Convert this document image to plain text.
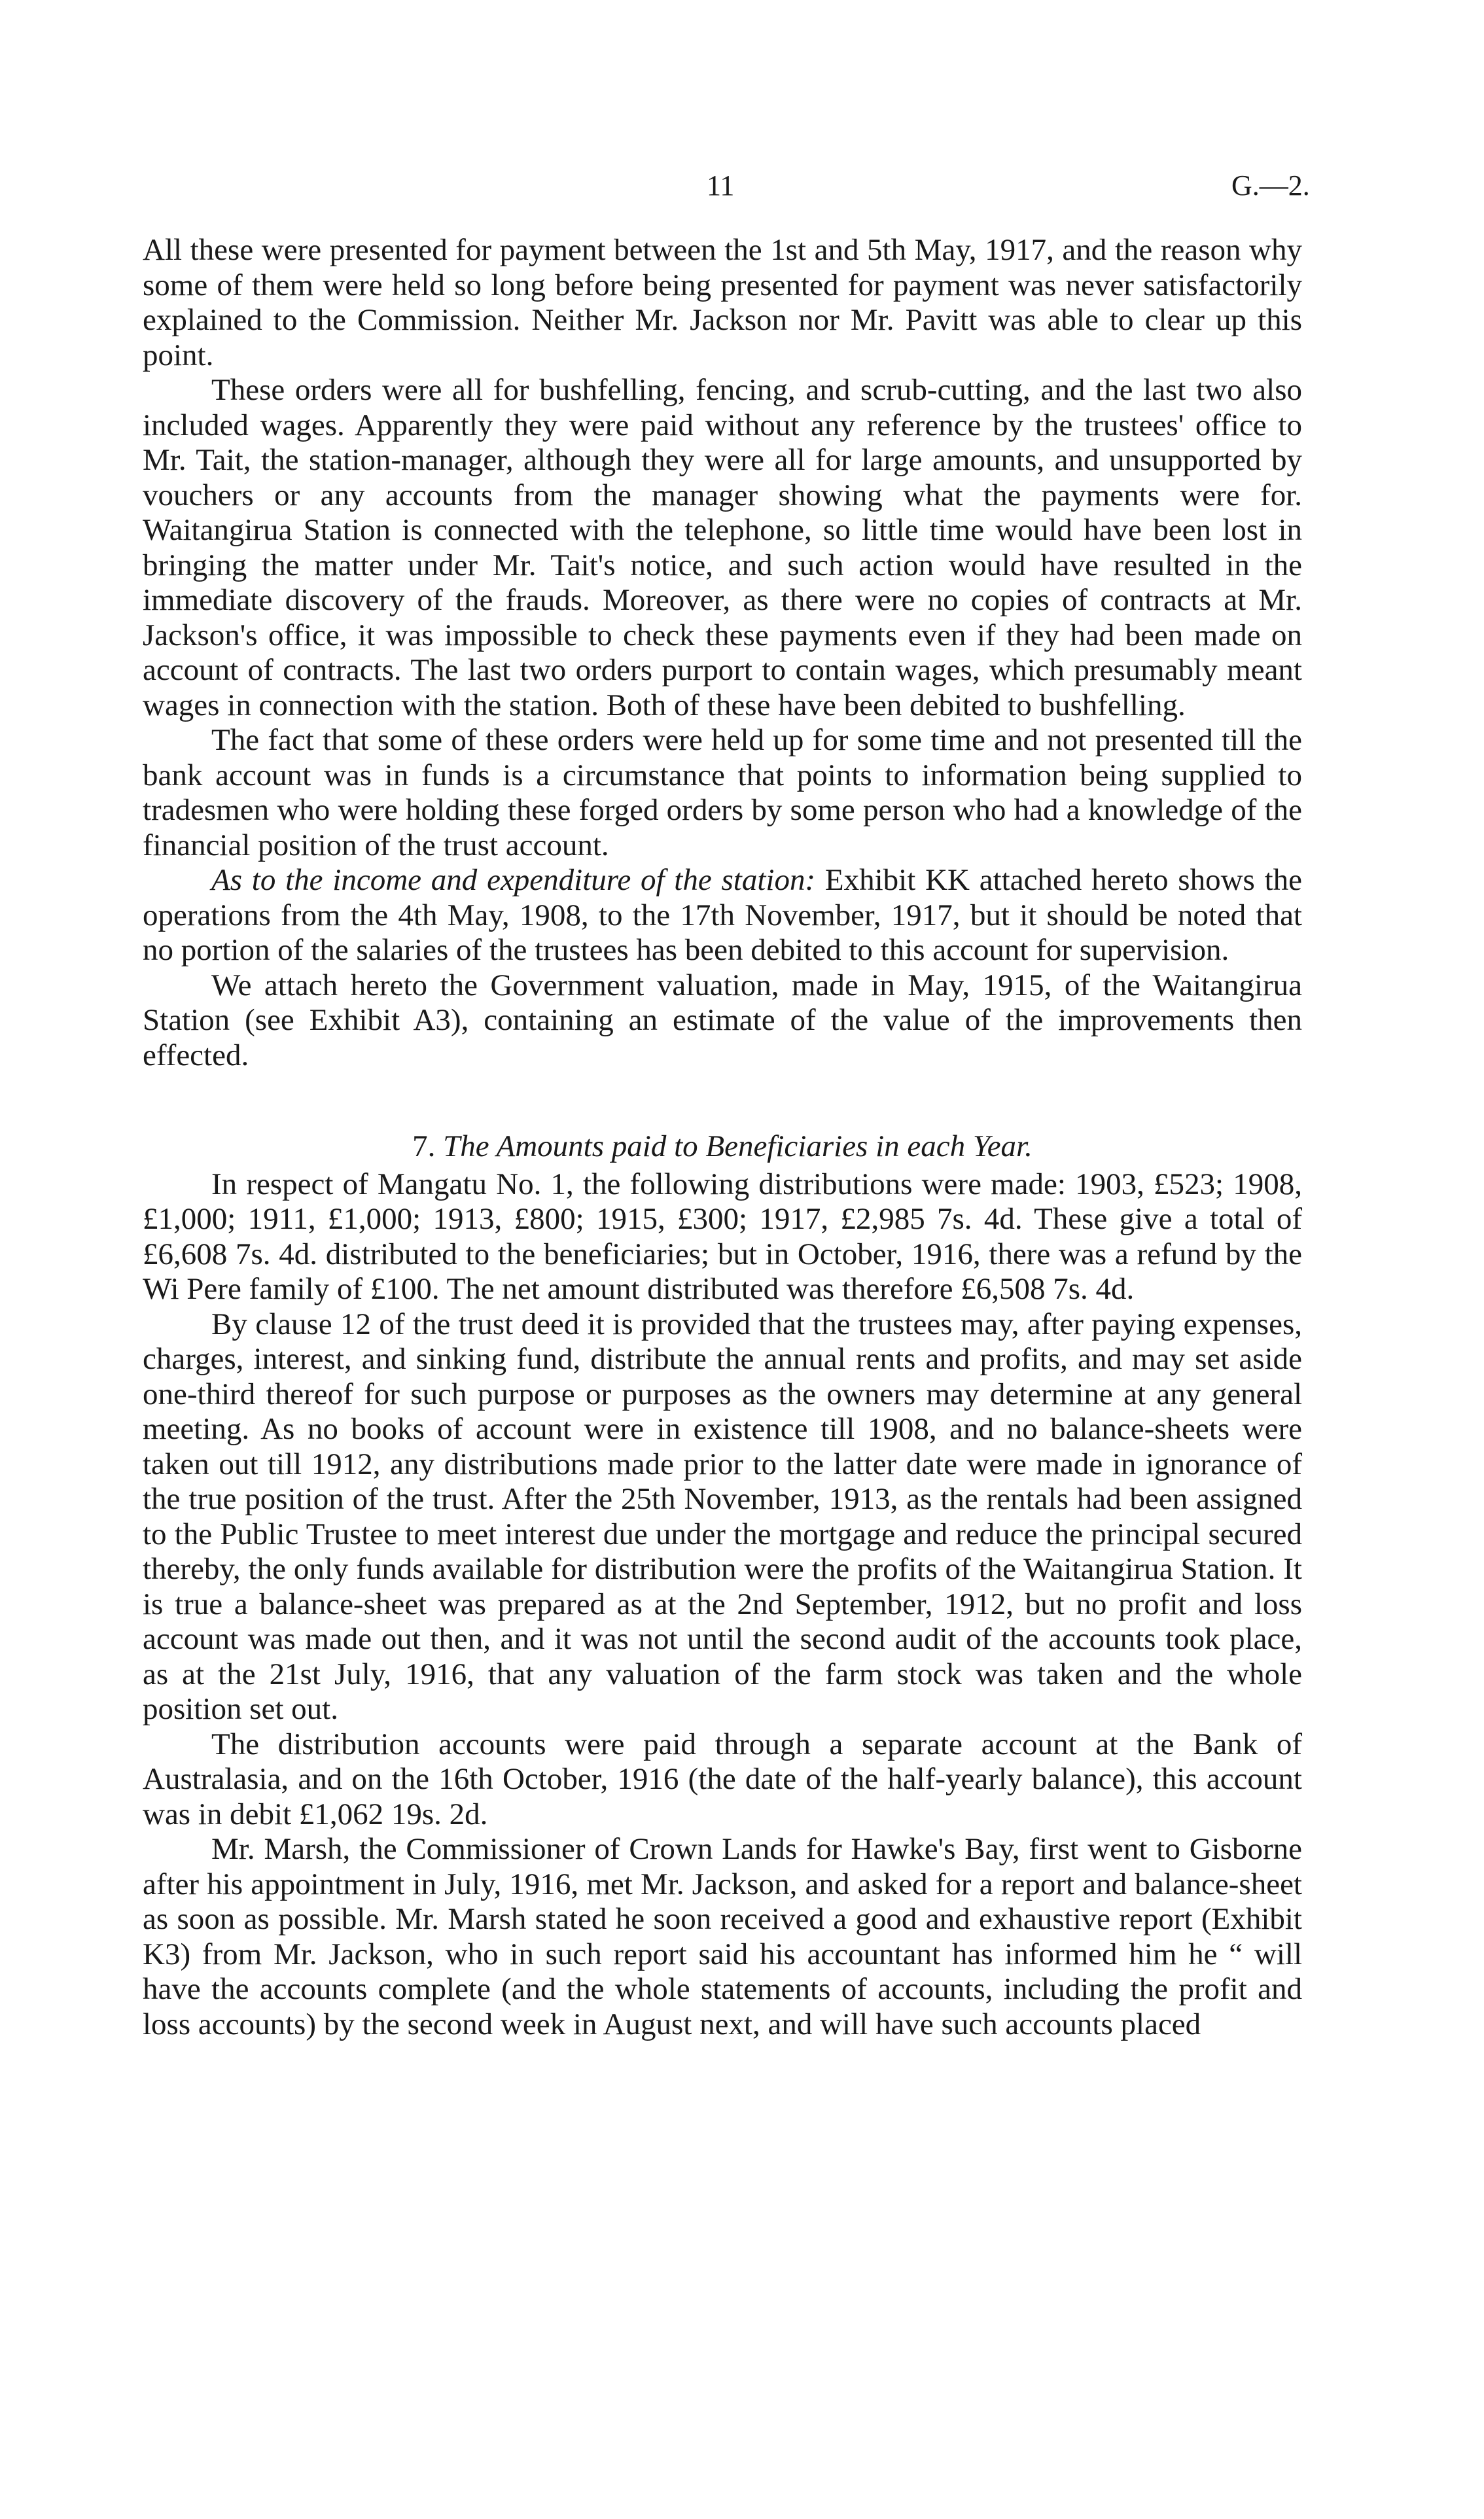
11	G.—2.

All these were presented for payment between the 1st and 5th May, 1917, and the reason why some of them were held so long before being presented for payment was never satisfactorily explained to the Commission. Neither Mr. Jackson nor Mr. Pavitt was able to clear up this point.

These orders were all for bushfelling, fencing, and scrub-cutting, and the last two also included wages. Apparently they were paid without any reference by the trustees' office to Mr. Tait, the station-manager, although they were all for large amounts, and unsupported by vouchers or any accounts from the manager showing what the payments were for. Waitangirua Station is connected with the telephone, so little time would have been lost in bringing the matter under Mr. Tait's notice, and such action would have resulted in the immediate discovery of the frauds. Moreover, as there were no copies of contracts at Mr. Jackson's office, it was impossible to check these payments even if they had been made on account of contracts. The last two orders purport to contain wages, which presumably meant wages in connection with the station. Both of these have been debited to bushfelling.

The fact that some of these orders were held up for some time and not presented till the bank account was in funds is a circumstance that points to information being supplied to tradesmen who were holding these forged orders by some person who had a knowledge of the financial position of the trust account.

As to the income and expenditure of the station: Exhibit KK attached hereto shows the operations from the 4th May, 1908, to the 17th November, 1917, but it should be noted that no portion of the salaries of the trustees has been debited to this account for supervision.

We attach hereto the Government valuation, made in May, 1915, of the Waitangirua Station (see Exhibit A3), containing an estimate of the value of the improvements then effected.

7. The Amounts paid to Beneficiaries in each Year.

In respect of Mangatu No. 1, the following distributions were made: 1903, £523; 1908, £1,000; 1911, £1,000; 1913, £800; 1915, £300; 1917, £2,985 7s. 4d. These give a total of £6,608 7s. 4d. distributed to the beneficiaries; but in October, 1916, there was a refund by the Wi Pere family of £100. The net amount distributed was therefore £6,508 7s. 4d.

By clause 12 of the trust deed it is provided that the trustees may, after paying expenses, charges, interest, and sinking fund, distribute the annual rents and profits, and may set aside one-third thereof for such purpose or purposes as the owners may determine at any general meeting. As no books of account were in existence till 1908, and no balance-sheets were taken out till 1912, any distributions made prior to the latter date were made in ignorance of the true position of the trust. After the 25th November, 1913, as the rentals had been assigned to the Public Trustee to meet interest due under the mortgage and reduce the principal secured thereby, the only funds available for distribution were the profits of the Waitangirua Station. It is true a balance-sheet was prepared as at the 2nd September, 1912, but no profit and loss account was made out then, and it was not until the second audit of the accounts took place, as at the 21st July, 1916, that any valuation of the farm stock was taken and the whole position set out.

The distribution accounts were paid through a separate account at the Bank of Australasia, and on the 16th October, 1916 (the date of the half-yearly balance), this account was in debit £1,062 19s. 2d.

Mr. Marsh, the Commissioner of Crown Lands for Hawke's Bay, first went to Gisborne after his appointment in July, 1916, met Mr. Jackson, and asked for a report and balance-sheet as soon as possible. Mr. Marsh stated he soon received a good and exhaustive report (Exhibit K3) from Mr. Jackson, who in such report said his accountant has informed him he “ will have the accounts complete (and the whole statements of accounts, including the profit and loss accounts) by the second week in August next, and will have such accounts placed
